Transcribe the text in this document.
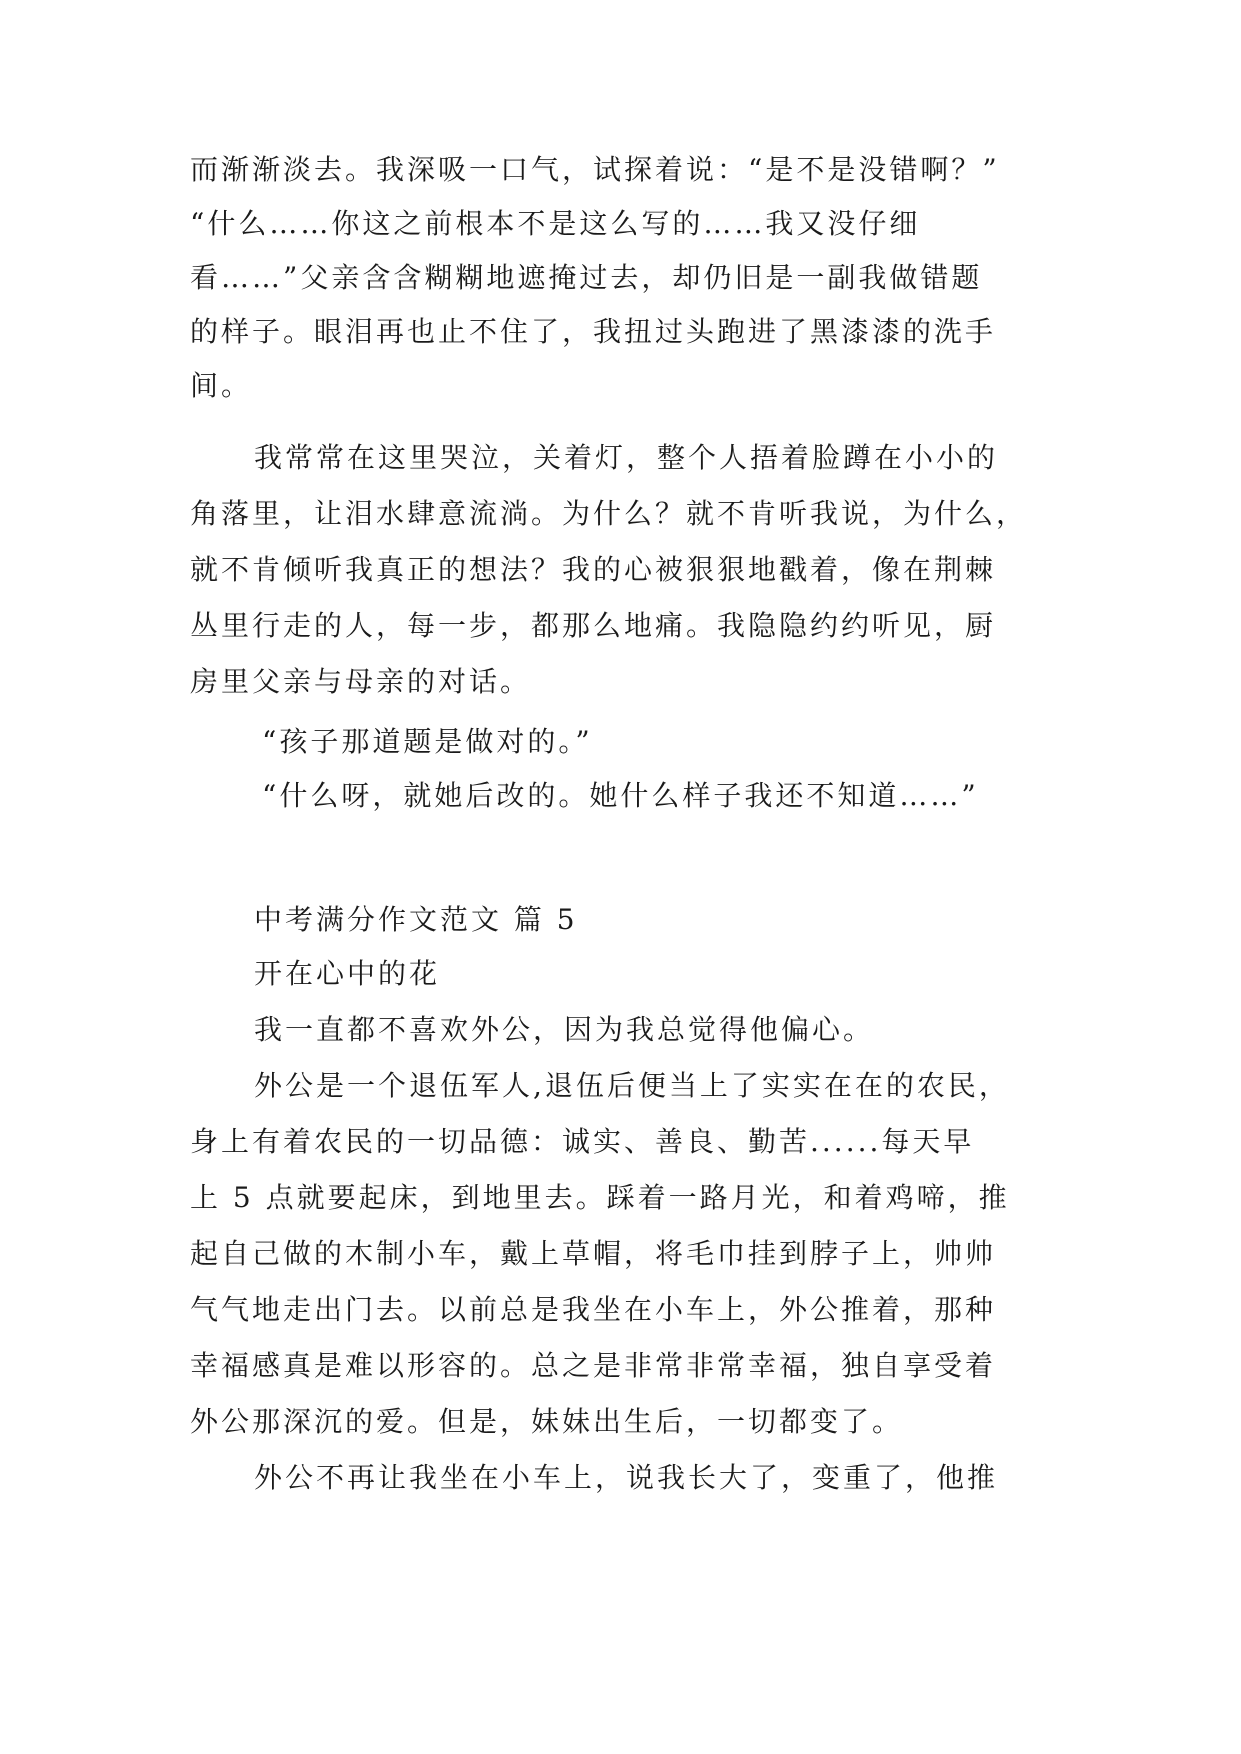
而渐渐淡去。我深吸一口气，试探着说：“是不是没错啊？”
“什么……你这之前根本不是这么写的……我又没仔细
看……”父亲含含糊糊地遮掩过去，却仍旧是一副我做错题
的样子。眼泪再也止不住了，我扭过头跑进了黑漆漆的洗手
间。
我常常在这里哭泣，关着灯，整个人捂着脸蹲在小小的
角落里，让泪水肆意流淌。为什么？就不肯听我说，为什么，
就不肯倾听我真正的想法？我的心被狠狠地戳着，像在荆棘
丛里行走的人，每一步，都那么地痛。我隐隐约约听见，厨
房里父亲与母亲的对话。
“孩子那道题是做对的。”
“什么呀，就她后改的。她什么样子我还不知道……”
中考满分作文范文 篇 5
开在心中的花
我一直都不喜欢外公，因为我总觉得他偏心。
外公是一个退伍军人,退伍后便当上了实实在在的农民，
身上有着农民的一切品德：诚实、善良、勤苦......每天早
上 5 点就要起床，到地里去。踩着一路月光，和着鸡啼，推
起自己做的木制小车，戴上草帽，将毛巾挂到脖子上，帅帅
气气地走出门去。以前总是我坐在小车上，外公推着，那种
幸福感真是难以形容的。总之是非常非常幸福，独自享受着
外公那深沉的爱。但是，妹妹出生后，一切都变了。
外公不再让我坐在小车上，说我长大了，变重了，他推
